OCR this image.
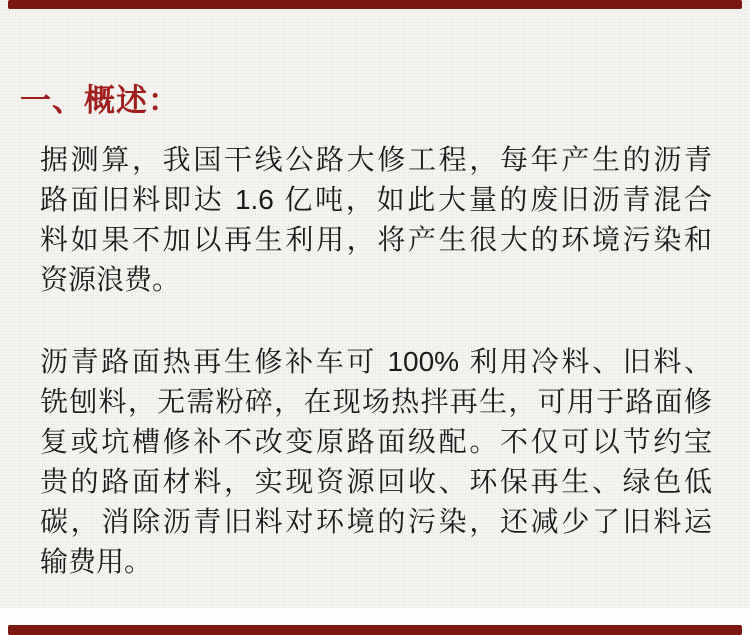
一、概述：
据测算，我国干线公路大修工程，每年产生的沥青
路面旧料即达 1.6 亿吨，如此大量的废旧沥青混合
料如果不加以再生利用，将产生很大的环境污染和
资源浪费。
沥青路面热再生修补车可 100% 利用冷料、旧料、
铣刨料，无需粉碎，在现场热拌再生，可用于路面修
复或坑槽修补不改变原路面级配。不仅可以节约宝
贵的路面材料，实现资源回收、环保再生、绿色低
碳，消除沥青旧料对环境的污染，还减少了旧料运
输费用。
